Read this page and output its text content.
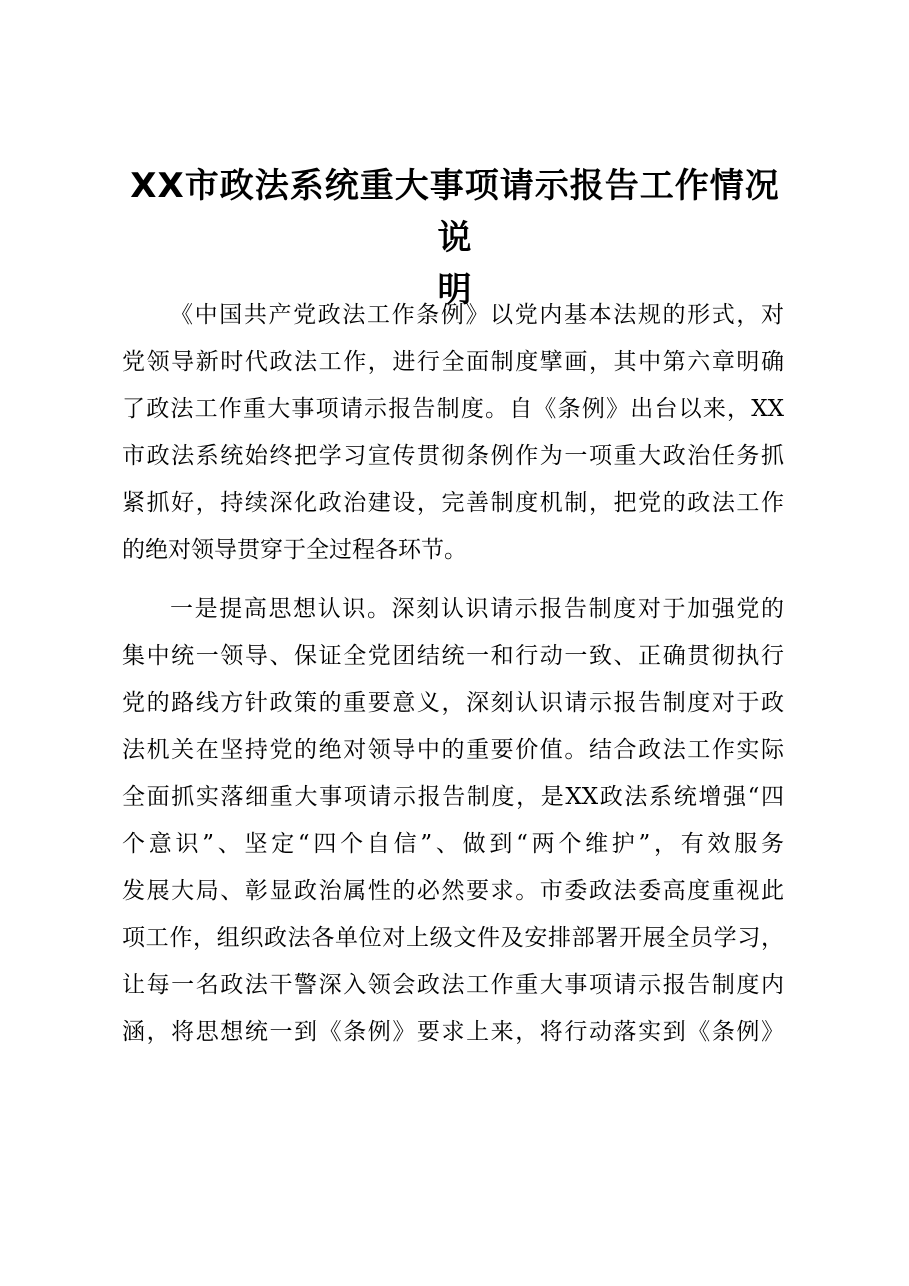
XX市政法系统重大事项请示报告工作情况说
明
《中国共产党政法工作条例》以党内基本法规的形式，对
党领导新时代政法工作，进行全面制度擘画，其中第六章明确
了政法工作重大事项请示报告制度。自《条例》出台以来，XX
市政法系统始终把学习宣传贯彻条例作为一项重大政治任务抓
紧抓好，持续深化政治建设，完善制度机制，把党的政法工作
的绝对领导贯穿于全过程各环节。
一是提高思想认识。深刻认识请示报告制度对于加强党的
集中统一领导、保证全党团结统一和行动一致、正确贯彻执行
党的路线方针政策的重要意义，深刻认识请示报告制度对于政
法机关在坚持党的绝对领导中的重要价值。结合政法工作实际
全面抓实落细重大事项请示报告制度，是XX政法系统增强“四
个意识”、坚定“四个自信”、做到“两个维护”，有效服务
发展大局、彰显政治属性的必然要求。市委政法委高度重视此
项工作，组织政法各单位对上级文件及安排部署开展全员学习，
让每一名政法干警深入领会政法工作重大事项请示报告制度内
涵，将思想统一到《条例》要求上来，将行动落实到《条例》
